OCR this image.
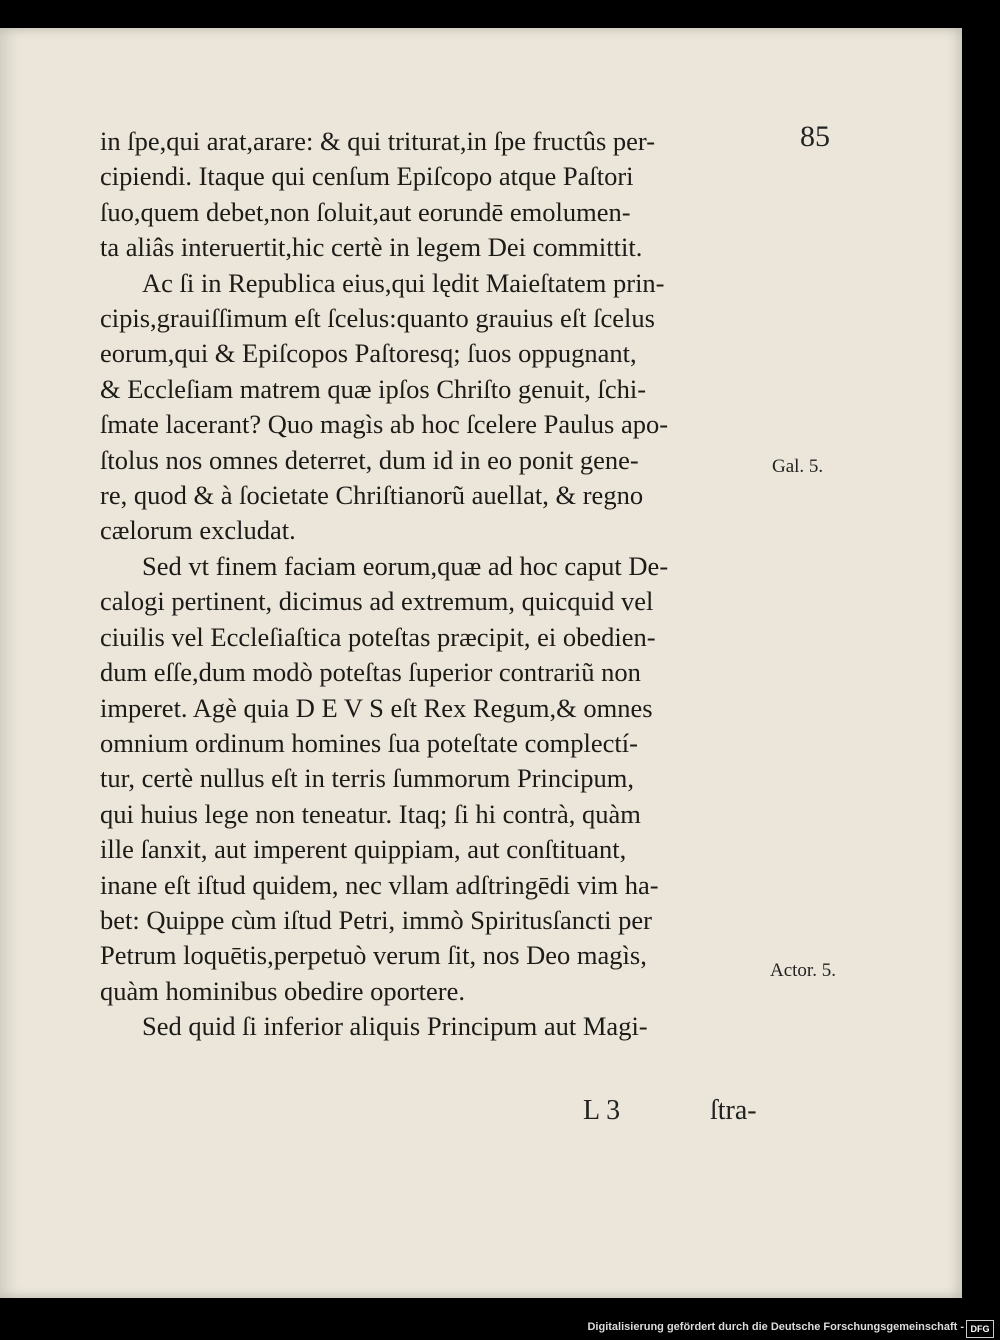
85

in ſpe,qui arat,arare: & qui triturat,in ſpe fructûs per-

cipiendi. Itaque qui cenſum Epiſcopo atque Paſtori

ſuo,quem debet,non ſoluit,aut eorundē emolumen-

ta aliâs interuertit,hic certè in legem Dei committit.

Ac ſi in Republica eius,qui lędit Maieſtatem prin-

cipis,grauiſſimum eſt ſcelus:quanto grauius eſt ſcelus

eorum,qui & Epiſcopos Paſtoresq; ſuos oppugnant,

& Eccleſiam matrem quæ ipſos Chriſto genuit, ſchi-

ſmate lacerant? Quo magìs ab hoc ſcelere Paulus apo-

ſtolus nos omnes deterret, dum id in eo ponit gene-

re, quod & à ſocietate Chriſtianorũ auellat, & regno

cælorum excludat.

Sed vt finem faciam eorum,quæ ad hoc caput De-

calogi pertinent, dicimus ad extremum, quicquid vel

ciuilis vel Eccleſiaſtica poteſtas præcipit, ei obedien-

dum eſſe,dum modò poteſtas ſuperior contrariũ non

imperet. Agè quia D E V S eſt Rex Regum,& omnes

omnium ordinum homines ſua poteſtate complectí-

tur, certè nullus eſt in terris ſummorum Principum,

qui huius lege non teneatur. Itaq; ſi hi contrà, quàm

ille ſanxit, aut imperent quippiam, aut conſtituant,

inane eſt iſtud quidem, nec vllam adſtringēdi vim ha-

bet: Quippe cùm iſtud Petri, immò Spiritusſancti per

Petrum loquētis,perpetuò verum ſit, nos Deo magìs,

quàm hominibus obedire oportere.

Sed quid ſi inferior aliquis Principum aut Magi-

Gal. 5.

Actor. 5.

L 3	ſtra-

Digitalisierung gefördert durch die Deutsche Forschungsgemeinschaft - DFG
